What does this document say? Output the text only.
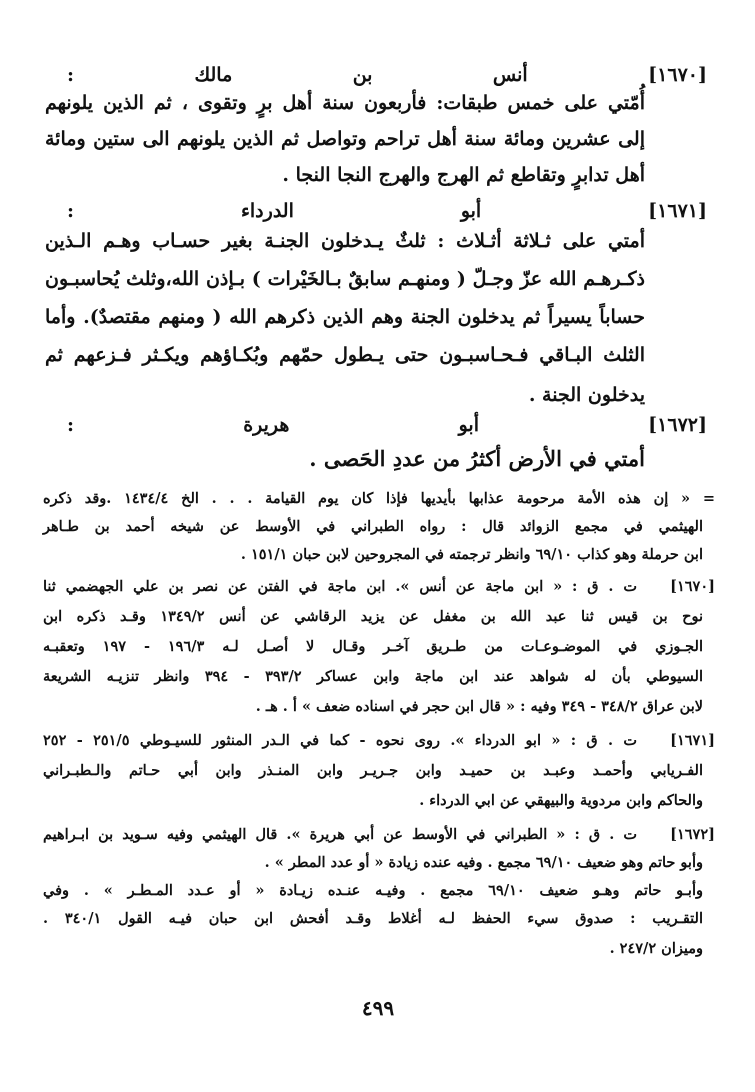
[١٦٧٠] أنس بن مالك :
أُمّتي على خمس طبقات: فأربعون سنة أهل برٍ وتقوى ، ثم الذين يلونهم
إلى عشرين ومائة سنة أهل تراحم وتواصل ثم الذين يلونهم الى ستين ومائة
أهل تدابرٍ وتقاطع ثم الهرج والهرج النجا النجا .
[١٦٧١] أبو الدرداء :
أمتي على ثـلاثة أثـلاث : ثلثٌ يـدخلون الجنـة بغير حسـاب وهـم الـذين
ذكـرهـم الله عزّ وجـلّ ( ومنهـم سابقٌ بـالخَيْرات ) بـإذن الله،وثلث يُحاسبـون
حساباً يسيراً ثم يدخلون الجنة وهم الذين ذكرهم الله ( ومنهم مقتصدٌ). وأما
الثلث البـاقي فـحـاسبـون حتى يـطول حمّهم وبُكـاؤهم ويكـثر فـزعهم ثم
يدخلون الجنة .
[١٦٧٢] أبو هريرة :
أمتي في الأرض أكثرُ من عددِ الحَصى .
= « إن هذه الأمة مرحومة عذابها بأيديها فإذا كان يوم القيامة . . . الخ ١٤٣٤/٤ .وقد ذكره
الهيثمي في مجمع الزوائد قال : رواه الطبراني في الأوسط عن شيخه أحمد بن طـاهر
ابن حرملة وهو كذاب ٦٩/١٠ وانظر ترجمته في المجروحين لابن حبان ١٥١/١ .
[١٦٧٠]
ت . ق : « ابن ماجة عن أنس ». ابن ماجة في الفتن عن نصر بن علي الجهضمي ثنا
نوح بن قيس ثنا عبد الله بن مغفل عن يزيد الرقاشي عن أنس ١٣٤٩/٢ وقـد ذكره ابن
الجـوزي في الموضـوعـات من طـريق آخـر وقـال لا أصـل لـه ١٩٦/٣ - ١٩٧ وتعقبـه
السيوطي بأن له شواهد عند ابن ماجة وابن عساكر ٣٩٣/٢ - ٣٩٤ وانظر تنزيـه الشريعة
لابن عراق ٣٤٨/٢ - ٣٤٩ وفيه : « قال ابن حجر في اسناده ضعف » أ . هـ .
[١٦٧١]
ت . ق : « ابو الدرداء ». روى نحوه - كما في الـدر المنثور للسيـوطي ٢٥١/٥ - ٢٥٢
الفـريابي وأحمـد وعبـد بن حميـد وابن جـريـر وابن المنـذر وابن أبي حـاتم والـطبـراني
والحاكم وابن مردوية والبيهقي عن ابي الدرداء .
[١٦٧٢]
ت . ق : « الطبراني في الأوسط عن أبي هريرة ». قال الهيثمي وفيه سـويد بن ابـراهيم
وأبو حاتم وهو ضعيف ٦٩/١٠ مجمع . وفيه عنده زيادة « أو عدد المطر » .
وأبـو حاتم وهـو ضعيف ٦٩/١٠ مجمع . وفيـه عنـده زيـادة « أو عـدد المـطـر » . وفي
التقـريب : صدوق سيء الحفظ لـه أغلاط وقـد أفحش ابن حبان فيـه القول ٣٤٠/١ .
وميزان ٢٤٧/٢ .
٤٩٩
